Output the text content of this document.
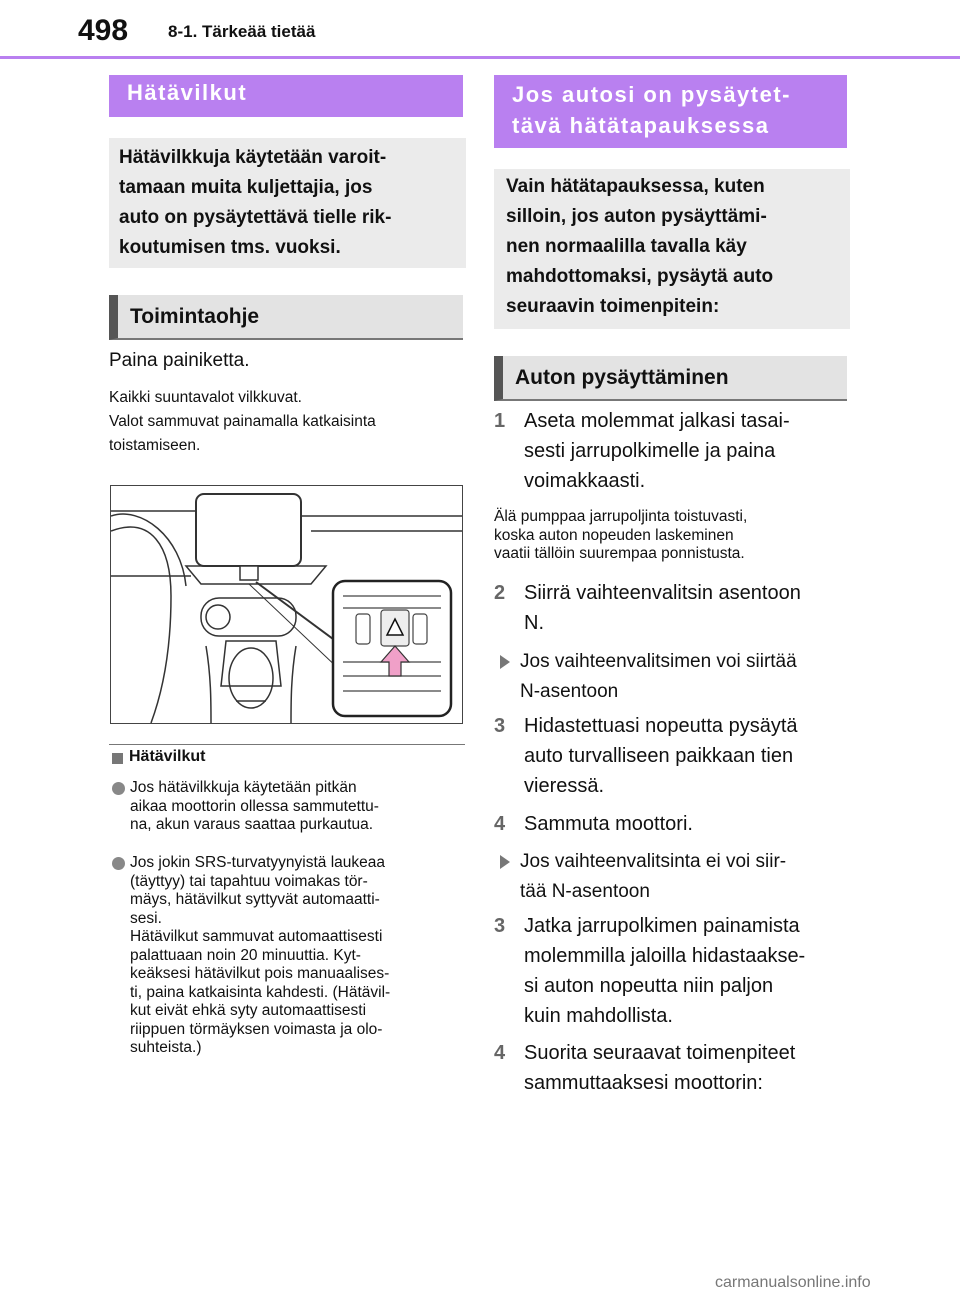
498 8-1. Tärkeää tietää
Hätävilkut
Hätävilkkuja käytetään varoit-
tamaan muita kuljettajia, jos
auto on pysäytettävä tielle rik-
koutumisen tms. vuoksi.
Toimintaohje
Paina painiketta.
Kaikki suuntavalot vilkkuvat.
Valot sammuvat painamalla katkaisinta
toistamiseen.
Hätävilkut
Jos hätävilkkuja käytetään pitkän
aikaa moottorin ollessa sammutettu-
na, akun varaus saattaa purkautua.
Jos jokin SRS-turvatyynyistä laukeaa
(täyttyy) tai tapahtuu voimakas tör-
mäys, hätävilkut syttyvät automaatti-
sesi.
Hätävilkut sammuvat automaattisesti
palattuaan noin 20 minuuttia. Kyt-
keäksesi hätävilkut pois manuaalises-
ti, paina katkaisinta kahdesti. (Hätävil-
kut eivät ehkä syty automaattisesti
riippuen törmäyksen voimasta ja olo-
suhteista.)
Jos autosi on pysäytet-
tävä hätätapauksessa
Vain hätätapauksessa, kuten
silloin, jos auton pysäyttämi-
nen normaalilla tavalla käy
mahdottomaksi, pysäytä auto
seuraavin toimenpitein:
Auton pysäyttäminen
1 Aseta molemmat jalkasi tasai-
sesti jarrupolkimelle ja paina
voimakkaasti.
Älä pumppaa jarrupoljinta toistuvasti,
koska auton nopeuden laskeminen
vaatii tällöin suurempaa ponnistusta.
2 Siirrä vaihteenvalitsin asentoon
N.
Jos vaihteenvalitsimen voi siirtää
N-asentoon
3 Hidastettuasi nopeutta pysäytä
auto turvalliseen paikkaan tien
vieressä.
4 Sammuta moottori.
Jos vaihteenvalitsinta ei voi siir-
tää N-asentoon
3 Jatka jarrupolkimen painamista
molemmilla jaloilla hidastaakse-
si auton nopeutta niin paljon
kuin mahdollista.
4 Suorita seuraavat toimenpiteet
sammuttaaksesi moottorin:
carmanualsonline.info
